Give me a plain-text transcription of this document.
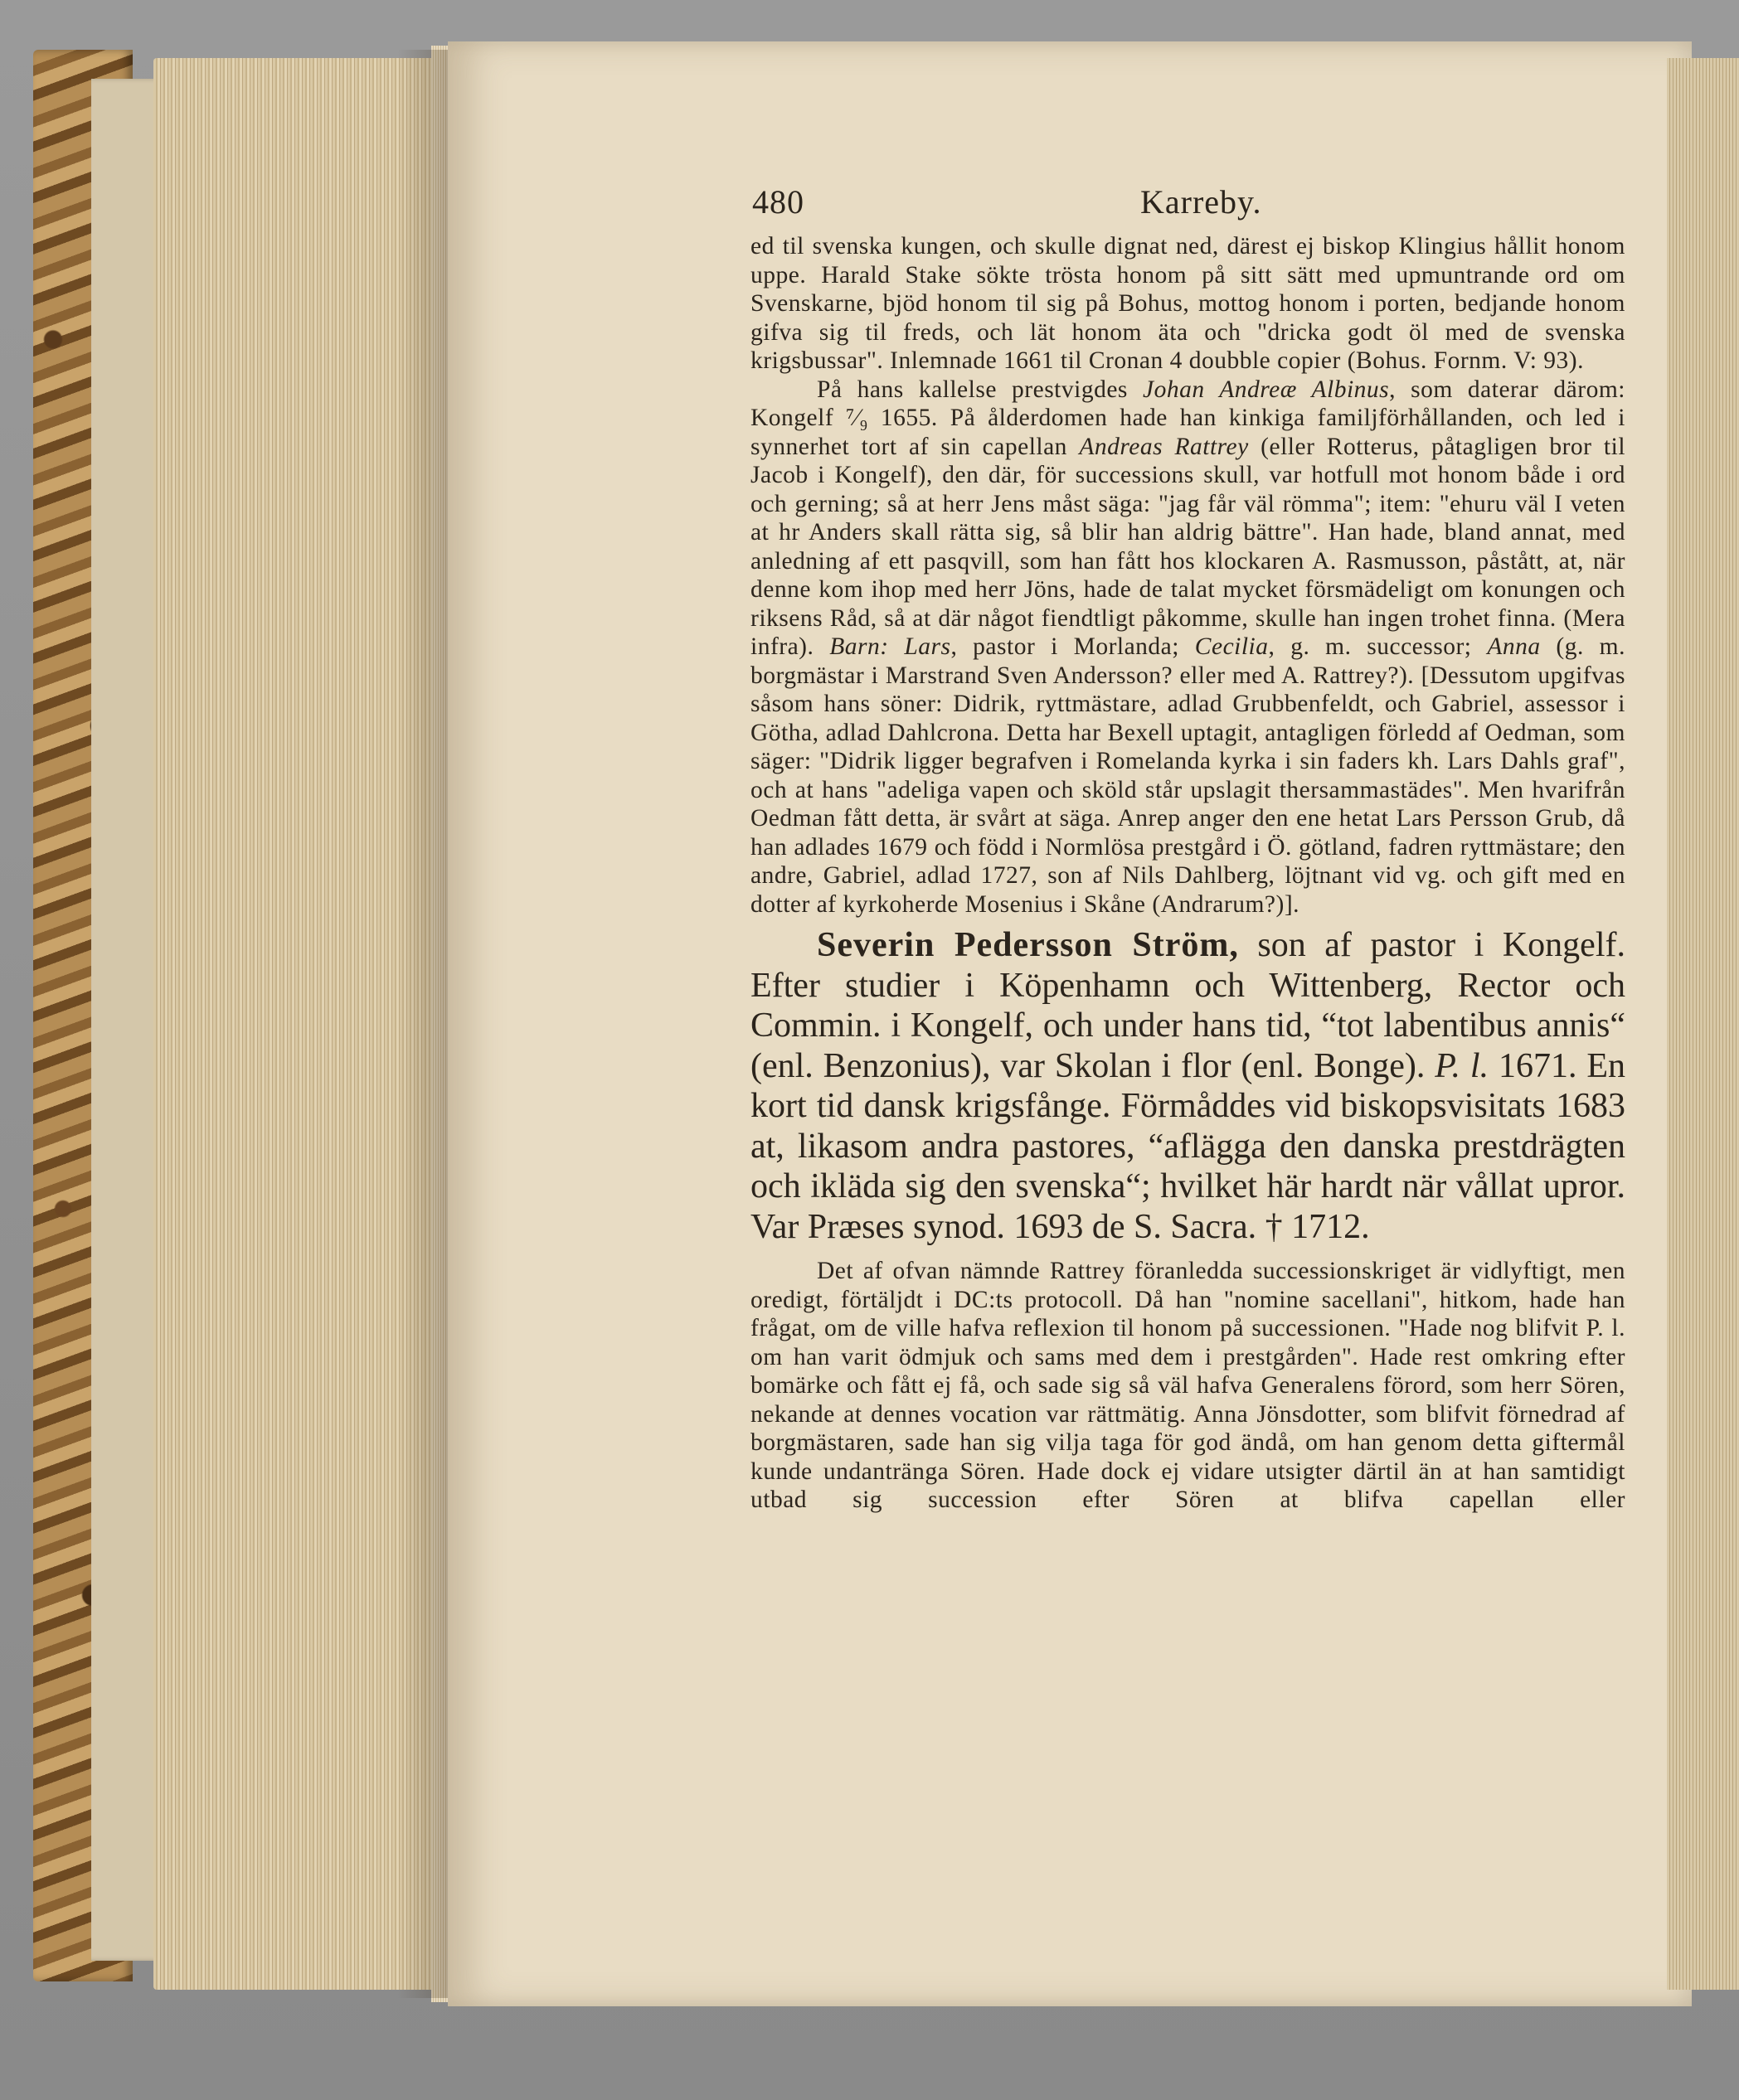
480	Karreby.

ed til svenska kungen, och skulle dignat ned, därest ej biskop Klingius hållit honom uppe. Harald Stake sökte trösta honom på sitt sätt med upmuntrande ord om Svenskarne, bjöd honom til sig på Bohus, mottog honom i porten, bedjande honom gifva sig til freds, och lät honom äta och "dricka godt öl med de svenska krigsbussar". Inlemnade 1661 til Cronan 4 doubble copier (Bohus. Fornm. V: 93).

På hans kallelse prestvigdes Johan Andreæ Albinus, som daterar därom: Kongelf ⁷⁄₉ 1655. På ålderdomen hade han kinkiga familjförhållanden, och led i synnerhet tort af sin capellan Andreas Rattrey (eller Rotterus, påtagligen bror til Jacob i Kongelf), den där, för successions skull, var hotfull mot honom både i ord och gerning; så at herr Jens måst säga: "jag får väl römma"; item: "ehuru väl I veten at hr Anders skall rätta sig, så blir han aldrig bättre". Han hade, bland annat, med anledning af ett pasqvill, som han fått hos klockaren A. Rasmusson, påstått, at, när denne kom ihop med herr Jöns, hade de talat mycket försmädeligt om konungen och riksens Råd, så at där något fiendtligt påkomme, skulle han ingen trohet finna. (Mera infra). Barn: Lars, pastor i Morlanda; Cecilia, g. m. successor; Anna (g. m. borgmästar i Marstrand Sven Andersson? eller med A. Rattrey?). [Dessutom upgifvas såsom hans söner: Didrik, ryttmästare, adlad Grubbenfeldt, och Gabriel, assessor i Götha, adlad Dahlcrona. Detta har Bexell uptagit, antagligen förledd af Oedman, som säger: "Didrik ligger begrafven i Romelanda kyrka i sin faders kh. Lars Dahls graf", och at hans "adeliga vapen och sköld står upslagit thersammastädes". Men hvarifrån Oedman fått detta, är svårt at säga. Anrep anger den ene hetat Lars Persson Grub, då han adlades 1679 och född i Normlösa prestgård i Ö. götland, fadren ryttmästare; den andre, Gabriel, adlad 1727, son af Nils Dahlberg, löjtnant vid vg. och gift med en dotter af kyrkoherde Mosenius i Skåne (Andrarum?)].

Severin Pedersson Ström, son af pastor i Kongelf. Efter studier i Köpenhamn och Wittenberg, Rector och Commin. i Kongelf, och under hans tid, “tot labentibus annis“ (enl. Benzonius), var Skolan i flor (enl. Bonge). P. l. 1671. En kort tid dansk krigsfånge. Förmåddes vid biskopsvisitats 1683 at, likasom andra pastores, “aflägga den danska prestdrägten och ikläda sig den svenska“; hvilket här hardt när vållat upror. Var Præses synod. 1693 de S. Sacra. † 1712.

Det af ofvan nämnde Rattrey föranledda successionskriget är vidlyftigt, men oredigt, förtäljdt i DC:ts protocoll. Då han "nomine sacellani", hitkom, hade han frågat, om de ville hafva reflexion til honom på successionen. "Hade nog blifvit P. l. om han varit ödmjuk och sams med dem i prestgården". Hade rest omkring efter bomärke och fått ej få, och sade sig så väl hafva Generalens förord, som herr Sören, nekande at dennes vocation var rättmätig. Anna Jönsdotter, som blifvit förnedrad af borgmästaren, sade han sig vilja taga för god ändå, om han genom detta giftermål kunde undantränga Sören. Hade dock ej vidare utsigter därtil än at han samtidigt utbad sig succession efter Sören at blifva capellan eller
